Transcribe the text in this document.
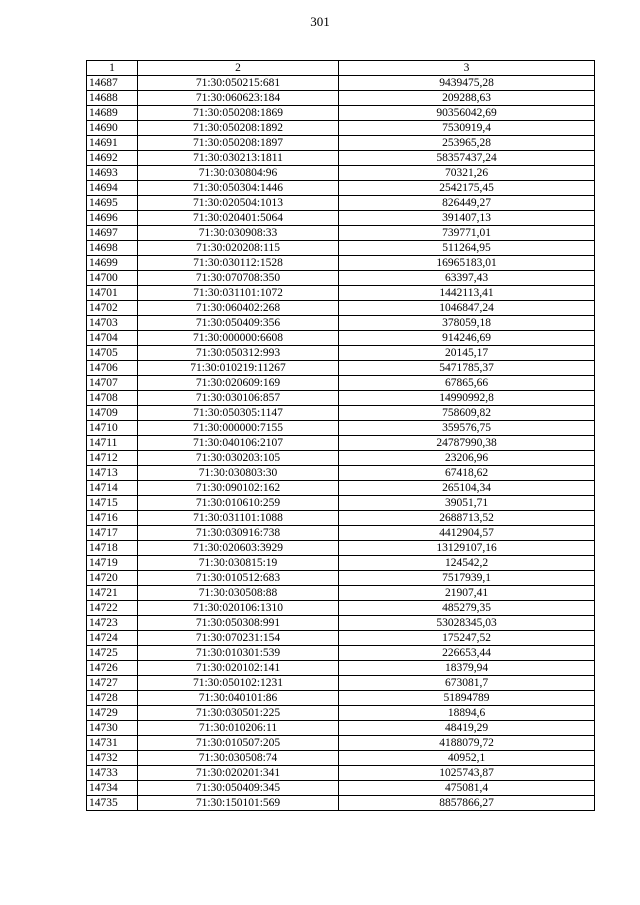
301
1	2	3
14687	71:30:050215:681	9439475,28
14688	71:30:060623:184	209288,63
14689	71:30:050208:1869	90356042,69
14690	71:30:050208:1892	7530919,4
14691	71:30:050208:1897	253965,28
14692	71:30:030213:1811	58357437,24
14693	71:30:030804:96	70321,26
14694	71:30:050304:1446	2542175,45
14695	71:30:020504:1013	826449,27
14696	71:30:020401:5064	391407,13
14697	71:30:030908:33	739771,01
14698	71:30:020208:115	511264,95
14699	71:30:030112:1528	16965183,01
14700	71:30:070708:350	63397,43
14701	71:30:031101:1072	1442113,41
14702	71:30:060402:268	1046847,24
14703	71:30:050409:356	378059,18
14704	71:30:000000:6608	914246,69
14705	71:30:050312:993	20145,17
14706	71:30:010219:11267	5471785,37
14707	71:30:020609:169	67865,66
14708	71:30:030106:857	14990992,8
14709	71:30:050305:1147	758609,82
14710	71:30:000000:7155	359576,75
14711	71:30:040106:2107	24787990,38
14712	71:30:030203:105	23206,96
14713	71:30:030803:30	67418,62
14714	71:30:090102:162	265104,34
14715	71:30:010610:259	39051,71
14716	71:30:031101:1088	2688713,52
14717	71:30:030916:738	4412904,57
14718	71:30:020603:3929	13129107,16
14719	71:30:030815:19	124542,2
14720	71:30:010512:683	7517939,1
14721	71:30:030508:88	21907,41
14722	71:30:020106:1310	485279,35
14723	71:30:050308:991	53028345,03
14724	71:30:070231:154	175247,52
14725	71:30:010301:539	226653,44
14726	71:30:020102:141	18379,94
14727	71:30:050102:1231	673081,7
14728	71:30:040101:86	51894789
14729	71:30:030501:225	18894,6
14730	71:30:010206:11	48419,29
14731	71:30:010507:205	4188079,72
14732	71:30:030508:74	40952,1
14733	71:30:020201:341	1025743,87
14734	71:30:050409:345	475081,4
14735	71:30:150101:569	8857866,27
